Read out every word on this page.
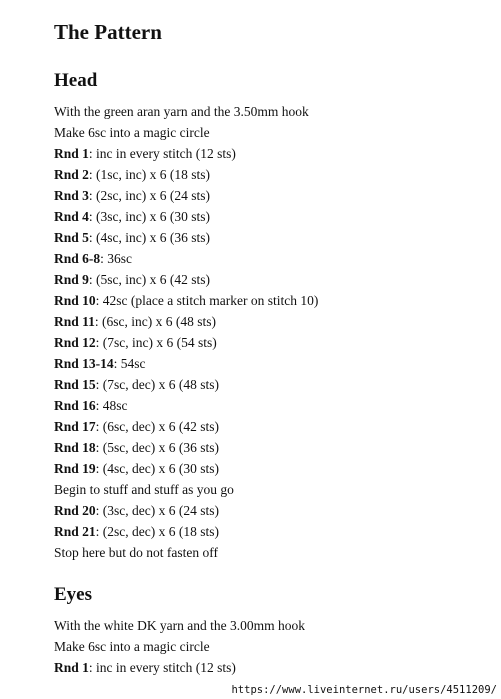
The Pattern
Head
With the green aran yarn and the 3.50mm hook
Make 6sc into a magic circle
Rnd 1: inc in every stitch (12 sts)
Rnd 2: (1sc, inc) x 6 (18 sts)
Rnd 3: (2sc, inc) x 6 (24 sts)
Rnd 4: (3sc, inc) x 6 (30 sts)
Rnd 5: (4sc, inc) x 6 (36 sts)
Rnd 6-8: 36sc
Rnd 9: (5sc, inc) x 6 (42 sts)
Rnd 10: 42sc (place a stitch marker on stitch 10)
Rnd 11: (6sc, inc) x 6 (48 sts)
Rnd 12: (7sc, inc) x 6 (54 sts)
Rnd 13-14: 54sc
Rnd 15: (7sc, dec) x 6 (48 sts)
Rnd 16: 48sc
Rnd 17: (6sc, dec) x 6 (42 sts)
Rnd 18: (5sc, dec) x 6 (36 sts)
Rnd 19: (4sc, dec) x 6 (30 sts)
Begin to stuff and stuff as you go
Rnd 20: (3sc, dec) x 6 (24 sts)
Rnd 21: (2sc, dec) x 6 (18 sts)
Stop here but do not fasten off
Eyes
With the white DK yarn and the 3.00mm hook
Make 6sc into a magic circle
Rnd 1: inc in every stitch (12 sts)
https://www.liveinternet.ru/users/4511209/
